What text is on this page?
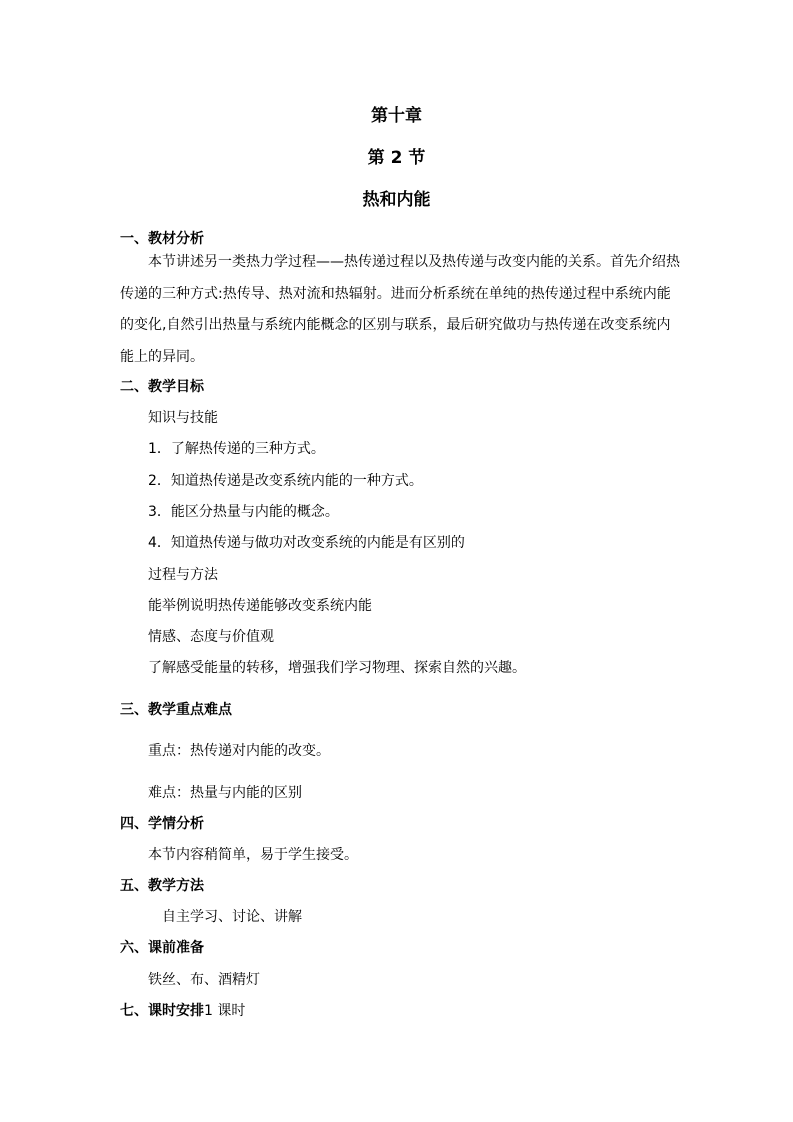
第十章
第 2 节
热和内能
一、教材分析
本节讲述另一类热力学过程——热传递过程以及热传递与改变内能的关系。首先介绍热传递的三种方式:热传导、热对流和热辐射。进而分析系统在单纯的热传递过程中系统内能的变化,自然引出热量与系统内能概念的区别与联系，最后研究做功与热传递在改变系统内能上的异同。
二、教学目标
知识与技能
1．了解热传递的三种方式。
2．知道热传递是改变系统内能的一种方式。
3．能区分热量与内能的概念。
4．知道热传递与做功对改变系统的内能是有区别的
过程与方法
能举例说明热传递能够改变系统内能
情感、态度与价值观
了解感受能量的转移，增强我们学习物理、探索自然的兴趣。
三、教学重点难点
重点：热传递对内能的改变。
难点：热量与内能的区别
四、学情分析
本节内容稍简单，易于学生接受。
五、教学方法
自主学习、讨论、讲解
六、课前准备
铁丝、布、酒精灯
七、课时安排1 课时
